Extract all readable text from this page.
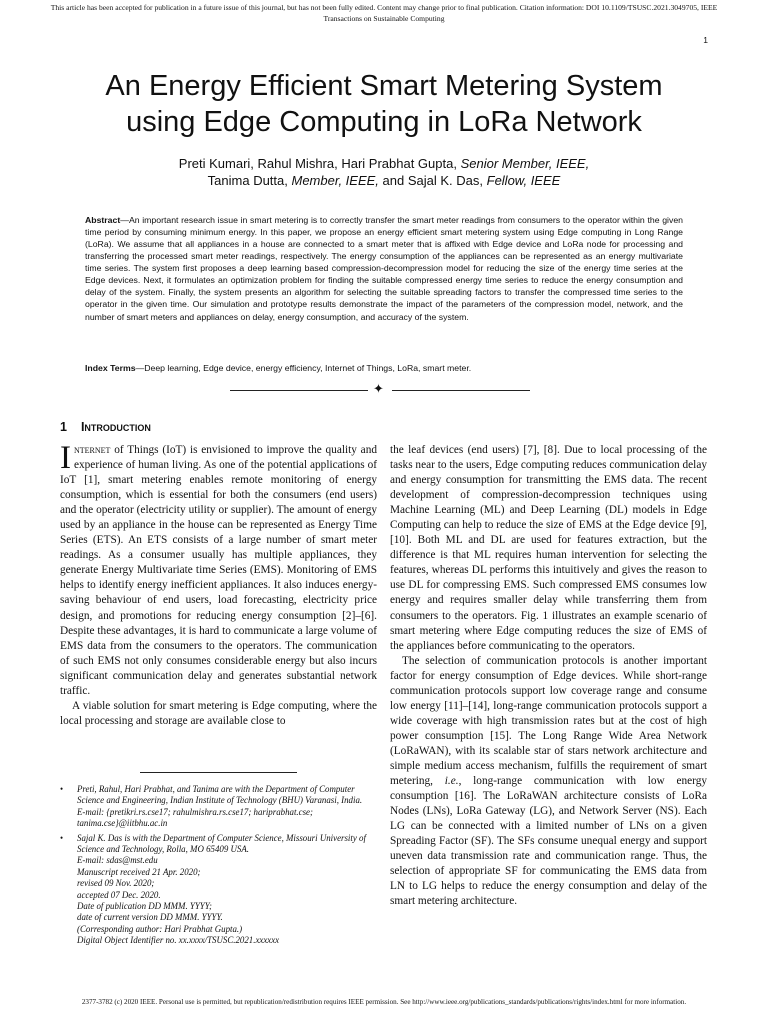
This article has been accepted for publication in a future issue of this journal, but has not been fully edited. Content may change prior to final publication. Citation information: DOI 10.1109/TSUSC.2021.3049705, IEEE
Transactions on Sustainable Computing
1
An Energy Efficient Smart Metering System
using Edge Computing in LoRa Network
Preti Kumari, Rahul Mishra, Hari Prabhat Gupta, Senior Member, IEEE,
Tanima Dutta, Member, IEEE, and Sajal K. Das, Fellow, IEEE

Abstract—An important research issue in smart metering is to correctly transfer the smart meter readings from consumers to the operator within the given time period by consuming minimum energy. In this paper, we propose an energy efficient smart metering system using Edge computing in Long Range (LoRa). We assume that all appliances in a house are connected to a smart meter that is affixed with Edge device and LoRa node for processing and transferring the processed smart meter readings, respectively. The energy consumption of the appliances can be represented as an energy multivariate time series. The system first proposes a deep learning based compression-decompression model for reducing the size of the energy time series at the Edge devices. Next, it formulates an optimization problem for finding the suitable compressed energy time series to reduce the energy consumption and delay of the system. Finally, the system presents an algorithm for selecting the suitable spreading factors to transfer the compressed time series to the operator in the given time. Our simulation and prototype results demonstrate the impact of the parameters of the compression model, network, and the number of smart meters and appliances on delay, energy consumption, and accuracy of the system.

Index Terms—Deep learning, Edge device, energy efficiency, Internet of Things, LoRa, smart meter.

✦
1 Introduction

Internet of Things (IoT) is envisioned to improve the quality and experience of human living. As one of the potential applications of IoT [1], smart metering enables remote monitoring of energy consumption, which is essential for both the consumers (end users) and the operator (electricity utility or supplier). The amount of energy used by an appliance in the house can be represented as Energy Time Series (ETS). An ETS consists of a large number of smart meter readings. As a consumer usually has multiple appliances, they generate Energy Multivariate time Series (EMS). Monitoring of EMS helps to identify energy inefficient appliances. It also induces energy-saving behaviour of end users, load forecasting, electricity price design, and promotions for reducing energy consumption [2]–[6]. Despite these advantages, it is hard to communicate a large volume of EMS data from the consumers to the operators. The communication of such EMS not only consumes considerable energy but also incurs significant communication delay and generates substantial network traffic.

A viable solution for smart metering is Edge computing, where the local processing and storage are available close to

• Preti, Rahul, Hari Prabhat, and Tanima are with the Department of Computer Science and Engineering, Indian Institute of Technology (BHU) Varanasi, India.
E-mail: {pretikri.rs.cse17; rahulmishra.rs.cse17; hariprabhat.cse; tanima.cse}@iitbhu.ac.in
• Sajal K. Das is with the Department of Computer Science, Missouri University of Science and Technology, Rolla, MO 65409 USA.
E-mail: sdas@mst.edu
Manuscript received 21 Apr. 2020;
revised 09 Nov. 2020;
accepted 07 Dec. 2020.
Date of publication DD MMM. YYYY;
date of current version DD MMM. YYYY.
(Corresponding author: Hari Prabhat Gupta.)
Digital Object Identifier no. xx.xxxx/TSUSC.2021.xxxxxx

the leaf devices (end users) [7], [8]. Due to local processing of the tasks near to the users, Edge computing reduces communication delay and energy consumption for transmitting the EMS data. The recent development of compression-decompression techniques using Machine Learning (ML) and Deep Learning (DL) models in Edge Computing can help to reduce the size of EMS at the Edge device [9], [10]. Both ML and DL are used for features extraction, but the difference is that ML requires human intervention for selecting the features, whereas DL performs this intuitively and gives the reason to use DL for compressing EMS. Such compressed EMS consumes low energy and requires smaller delay while transferring them from consumers to the operators. Fig. 1 illustrates an example scenario of smart metering where Edge computing reduces the size of EMS of the appliances before communicating to the operators.

The selection of communication protocols is another important factor for energy consumption of Edge devices. While short-range communication protocols support low coverage range and consume low energy [11]–[14], long-range communication protocols support a wide coverage with high transmission rates but at the cost of high power consumption [15]. The Long Range Wide Area Network (LoRaWAN), with its scalable star of stars network architecture and simple medium access mechanism, fulfills the requirement of smart metering, i.e., long-range communication with low energy consumption [16]. The LoRaWAN architecture consists of LoRa Nodes (LNs), LoRa Gateway (LG), and Network Server (NS). Each LG can be connected with a limited number of LNs on a given Spreading Factor (SF). The SFs consume unequal energy and support uneven data transmission rate and communication range. Thus, the selection of appropriate SF for communicating the EMS data from LN to LG helps to reduce the energy consumption and delay of the smart metering architecture.

2377-3782 (c) 2020 IEEE. Personal use is permitted, but republication/redistribution requires IEEE permission. See http://www.ieee.org/publications_standards/publications/rights/index.html for more information.
